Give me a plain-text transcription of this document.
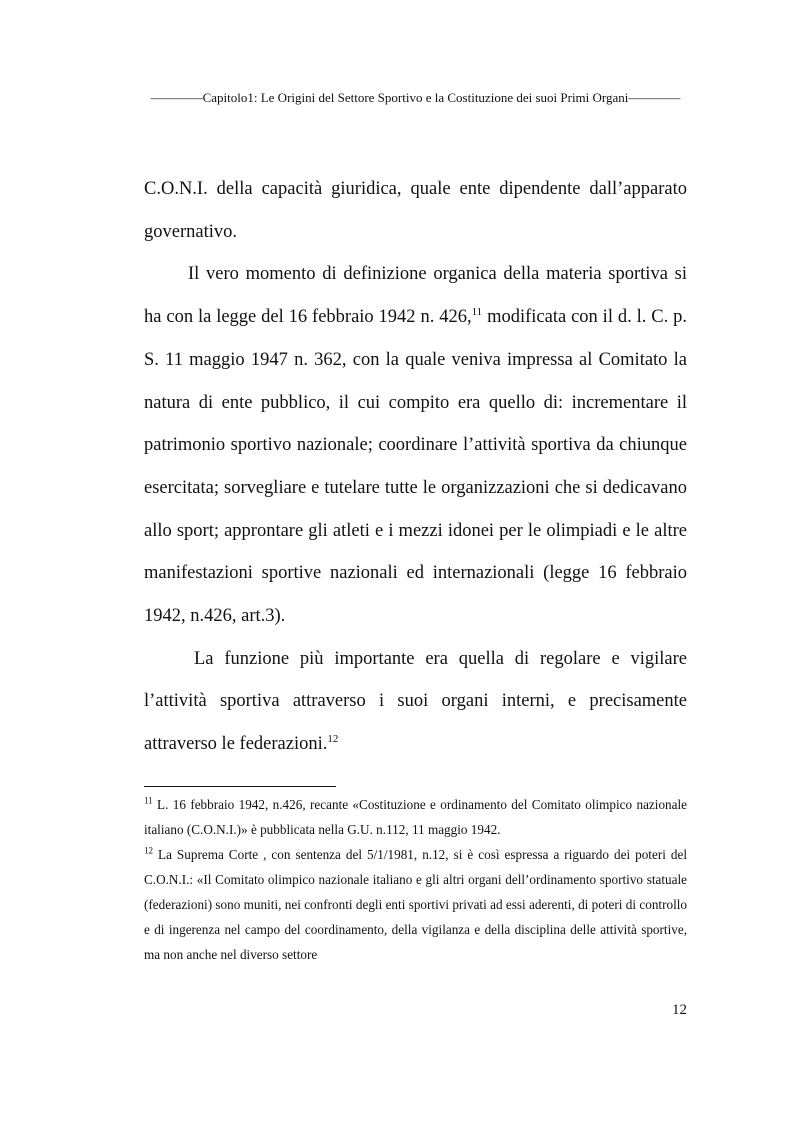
————Capitolo1: Le Origini del Settore Sportivo e la Costituzione dei suoi Primi Organi————

C.O.N.I. della capacità giuridica, quale ente dipendente dall’apparato governativo.

Il vero momento di definizione organica della materia sportiva si ha con la legge del 16 febbraio 1942 n. 426,11 modificata con il d. l. C. p. S. 11 maggio 1947 n. 362, con la quale veniva impressa al Comitato la natura di ente pubblico, il cui compito era quello di: incrementare il patrimonio sportivo nazionale; coordinare l’attività sportiva da chiunque esercitata; sorvegliare e tutelare tutte le organizzazioni che si dedicavano allo sport; approntare gli atleti e i mezzi idonei per le olimpiadi e le altre manifestazioni sportive nazionali ed internazionali (legge 16 febbraio 1942, n.426, art.3).

La funzione più importante era quella di regolare e vigilare l’attività sportiva attraverso i suoi organi interni, e precisamente attraverso le federazioni.$^{12}$

$^{11}$ L. 16 febbraio 1942, n.426, recante «Costituzione e ordinamento del Comitato olimpico nazionale italiano (C.O.N.I.)» è pubblicata nella G.U. n.112, 11 maggio 1942.

$^{12}$ La Suprema Corte , con sentenza del 5/1/1981, n.12, si è così espressa a riguardo dei poteri del C.O.N.I.: «Il Comitato olimpico nazionale italiano e gli altri organi dell’ordinamento sportivo statuale (federazioni) sono muniti, nei confronti degli enti sportivi privati ad essi aderenti, di poteri di controllo e di ingerenza nel campo del coordinamento, della vigilanza e della disciplina delle attività sportive, ma non anche nel diverso settore

12
